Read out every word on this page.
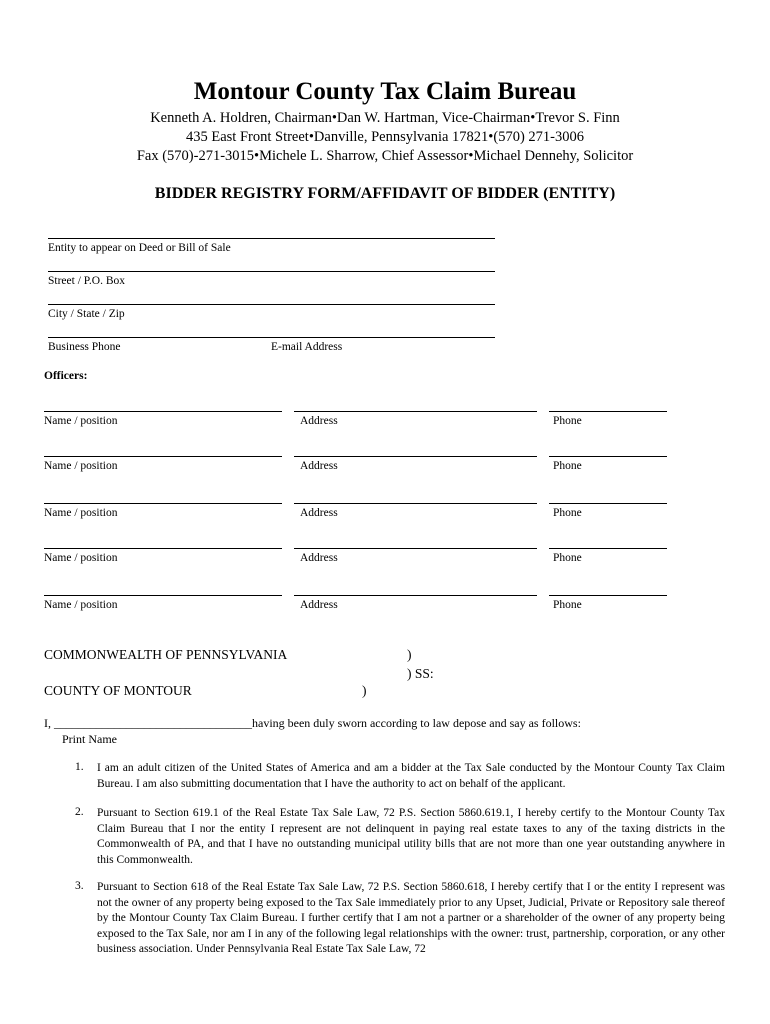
Montour County Tax Claim Bureau
Kenneth A. Holdren, Chairman•Dan W. Hartman, Vice-Chairman•Trevor S. Finn
435 East Front Street•Danville, Pennsylvania 17821•(570) 271-3006
Fax (570)-271-3015•Michele L. Sharrow, Chief Assessor•Michael Dennehy, Solicitor
BIDDER REGISTRY FORM/AFFIDAVIT OF BIDDER (ENTITY)
Entity to appear on Deed or Bill of Sale
Street / P.O. Box
City / State / Zip
Business Phone	E-mail Address
Officers:
Name / position	Address	Phone
Name / position	Address	Phone
Name / position	Address	Phone
Name / position	Address	Phone
Name / position	Address	Phone
COMMONWEALTH OF PENNSYLVANIA	)
) SS:
COUNTY OF MONTOUR	)
I, _________________________________having been duly sworn according to law depose and say as follows:
Print Name
1. I am an adult citizen of the United States of America and am a bidder at the Tax Sale conducted by the Montour County Tax Claim Bureau. I am also submitting documentation that I have the authority to act on behalf of the applicant.
2. Pursuant to Section 619.1 of the Real Estate Tax Sale Law, 72 P.S. Section 5860.619.1, I hereby certify to the Montour County Tax Claim Bureau that I nor the entity I represent are not delinquent in paying real estate taxes to any of the taxing districts in the Commonwealth of PA, and that I have no outstanding municipal utility bills that are not more than one year outstanding anywhere in this Commonwealth.
3. Pursuant to Section 618 of the Real Estate Tax Sale Law, 72 P.S. Section 5860.618, I hereby certify that I or the entity I represent was not the owner of any property being exposed to the Tax Sale immediately prior to any Upset, Judicial, Private or Repository sale thereof by the Montour County Tax Claim Bureau. I further certify that I am not a partner or a shareholder of the owner of any property being exposed to the Tax Sale, nor am I in any of the following legal relationships with the owner: trust, partnership, corporation, or any other business association. Under Pennsylvania Real Estate Tax Sale Law, 72
